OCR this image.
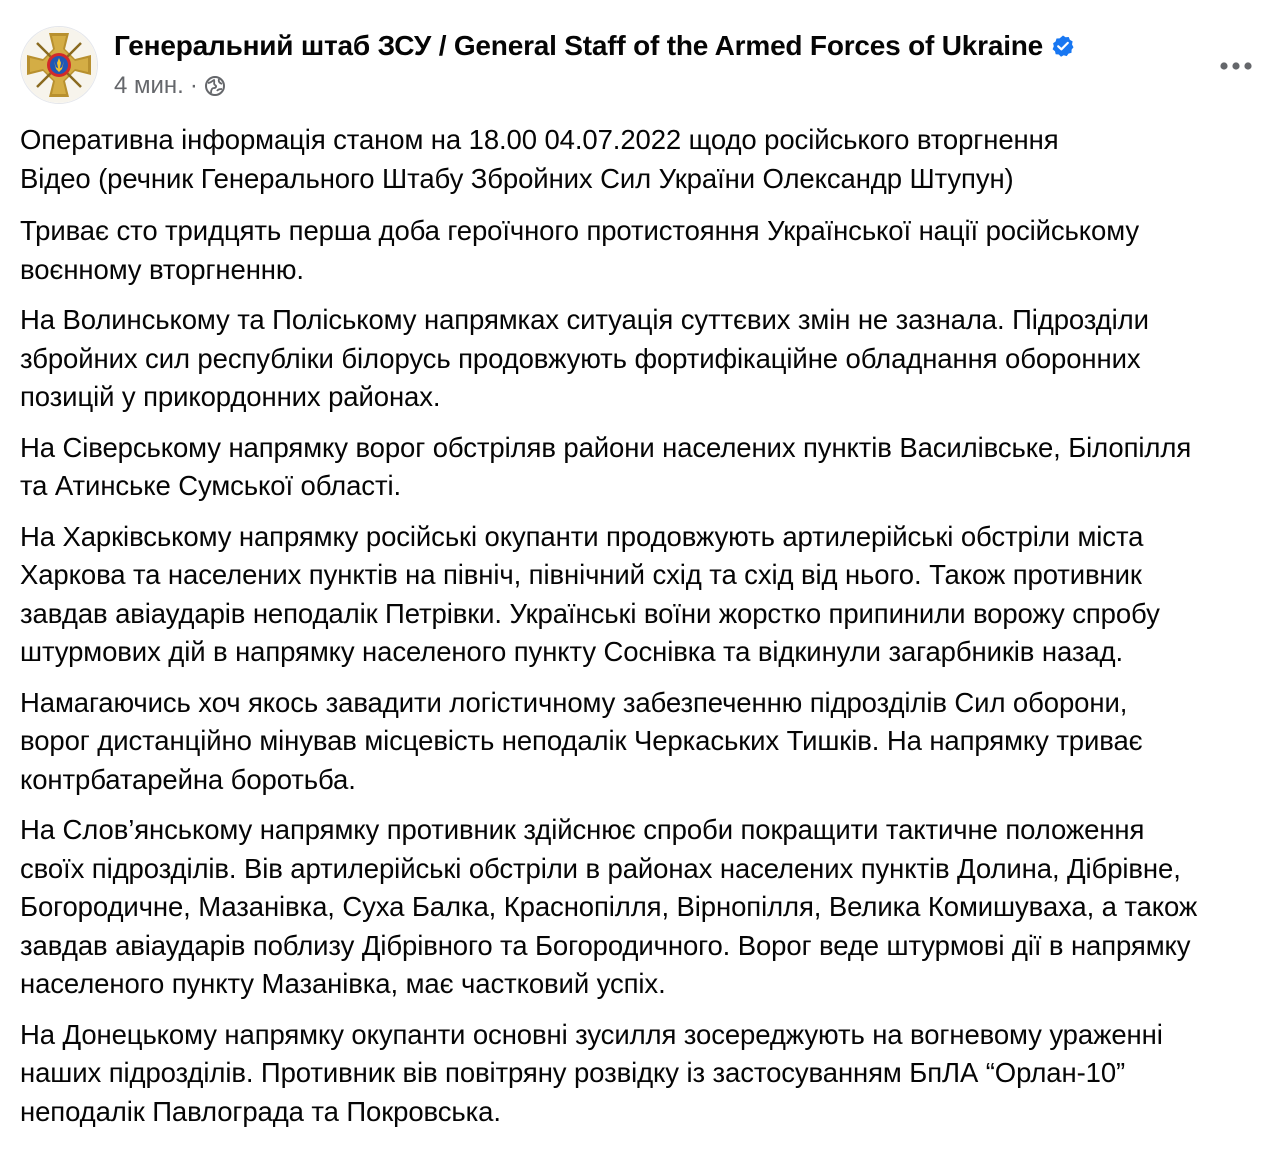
Генеральний штаб ЗСУ / General Staff of the Armed Forces of Ukraine
4 мин. ·

Оперативна інформація станом на 18.00 04.07.2022 щодо російського вторгнення
Відео (речник Генерального Штабу Збройних Сил України Олександр Штупун)

Триває сто тридцять перша доба героїчного протистояння Української нації російському
воєнному вторгненню.

На Волинському та Поліському напрямках ситуація суттєвих змін не зазнала. Підрозділи
збройних сил республіки білорусь продовжують фортифікаційне обладнання оборонних
позицій у прикордонних районах.

На Сіверському напрямку ворог обстріляв райони населених пунктів Василівське, Білопілля
та Атинське Сумської області.

На Харківському напрямку російські окупанти продовжують артилерійські обстріли міста
Харкова та населених пунктів на північ, північний схід та схід від нього. Також противник
завдав авіаударів неподалік Петрівки. Українські воїни жорстко припинили ворожу спробу
штурмових дій в напрямку населеного пункту Соснівка та відкинули загарбників назад.

Намагаючись хоч якось завадити логістичному забезпеченню підрозділів Сил оборони,
ворог дистанційно мінував місцевість неподалік Черкаських Тишків. На напрямку триває
контрбатарейна боротьба.

На Слов’янському напрямку противник здійснює спроби покращити тактичне положення
своїх підрозділів. Вів артилерійські обстріли в районах населених пунктів Долина, Дібрівне,
Богородичне, Мазанівка, Суха Балка, Краснопілля, Вірнопілля, Велика Комишуваха, а також
завдав авіаударів поблизу Дібрівного та Богородичного. Ворог веде штурмові дії в напрямку
населеного пункту Мазанівка, має частковий успіх.

На Донецькому напрямку окупанти основні зусилля зосереджують на вогневому ураженні
наших підрозділів. Противник вів повітряну розвідку із застосуванням БпЛА “Орлан-10”
неподалік Павлограда та Покровська.
